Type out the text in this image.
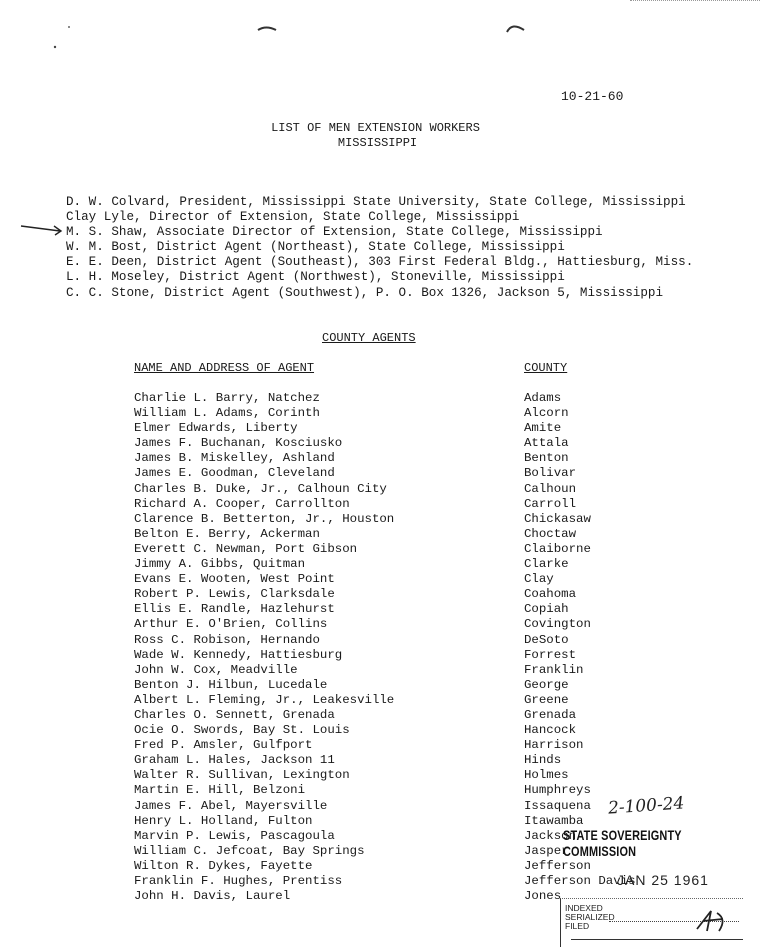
10-21-60
LIST OF MEN EXTENSION WORKERS
MISSISSIPPI
D. W. Colvard, President, Mississippi State University, State College, Mississippi
Clay Lyle, Director of Extension, State College, Mississippi
M. S. Shaw, Associate Director of Extension, State College, Mississippi
W. M. Bost, District Agent (Northeast), State College, Mississippi
E. E. Deen, District Agent (Southeast), 303 First Federal Bldg., Hattiesburg, Miss.
L. H. Moseley, District Agent (Northwest), Stoneville, Mississippi
C. C. Stone, District Agent (Southwest), P. O. Box 1326, Jackson 5, Mississippi
COUNTY AGENTS
NAME AND ADDRESS OF AGENT	COUNTY
Charlie L. Barry, Natchez	Adams
William L. Adams, Corinth	Alcorn
Elmer Edwards, Liberty	Amite
James F. Buchanan, Kosciusko	Attala
James B. Miskelley, Ashland	Benton
James E. Goodman, Cleveland	Bolivar
Charles B. Duke, Jr., Calhoun City	Calhoun
Richard A. Cooper, Carrollton	Carroll
Clarence B. Betterton, Jr., Houston	Chickasaw
Belton E. Berry, Ackerman	Choctaw
Everett C. Newman, Port Gibson	Claiborne
Jimmy A. Gibbs, Quitman	Clarke
Evans E. Wooten, West Point	Clay
Robert P. Lewis, Clarksdale	Coahoma
Ellis E. Randle, Hazlehurst	Copiah
Arthur E. O'Brien, Collins	Covington
Ross C. Robison, Hernando	DeSoto
Wade W. Kennedy, Hattiesburg	Forrest
John W. Cox, Meadville	Franklin
Benton J. Hilbun, Lucedale	George
Albert L. Fleming, Jr., Leakesville	Greene
Charles O. Sennett, Grenada	Grenada
Ocie O. Swords, Bay St. Louis	Hancock
Fred P. Amsler, Gulfport	Harrison
Graham L. Hales, Jackson 11	Hinds
Walter R. Sullivan, Lexington	Holmes
Martin E. Hill, Belzoni	Humphreys
James F. Abel, Mayersville	Issaquena
Henry L. Holland, Fulton	Itawamba
Marvin P. Lewis, Pascagoula	Jackson
William C. Jefcoat, Bay Springs	Jasper
Wilton R. Dykes, Fayette	Jefferson
Franklin F. Hughes, Prentiss	Jefferson Davis
John H. Davis, Laurel	Jones
2-100-24
STATE SOVEREIGNTY COMMISSION
JAN 25 1961
INDEXED
SERIALIZED
FILED
